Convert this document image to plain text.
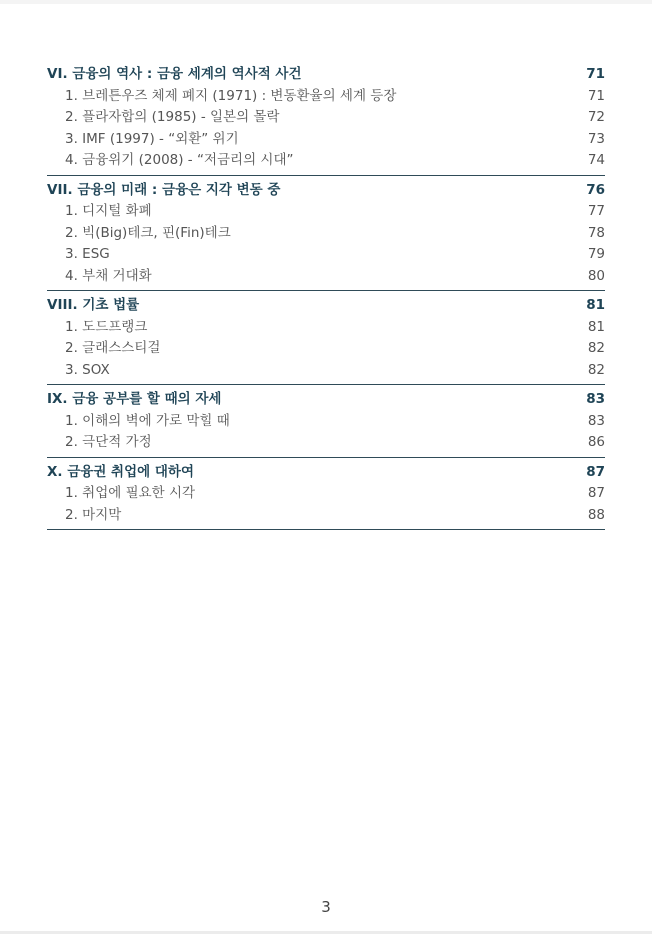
VI. 금융의 역사 : 금융 세계의 역사적 사건	71
1. 브레튼우즈 체제 폐지 (1971) : 변동환율의 세계 등장	71
2. 플라자합의 (1985) - 일본의 몰락	72
3. IMF (1997) - “외환” 위기	73
4. 금융위기 (2008) - “저금리의 시대”	74
VII. 금융의 미래 : 금융은 지각 변동 중	76
1. 디지털 화폐	77
2. 빅(Big)테크, 핀(Fin)테크	78
3. ESG	79
4. 부채 거대화	80
VIII. 기초 법률	81
1. 도드프랭크	81
2. 글래스스티걸	82
3. SOX	82
IX. 금융 공부를 할 때의 자세	83
1. 이해의 벽에 가로 막힐 때	83
2. 극단적 가정	86
X. 금융권 취업에 대하여	87
1. 취업에 필요한 시각	87
2. 마지막	88
3
